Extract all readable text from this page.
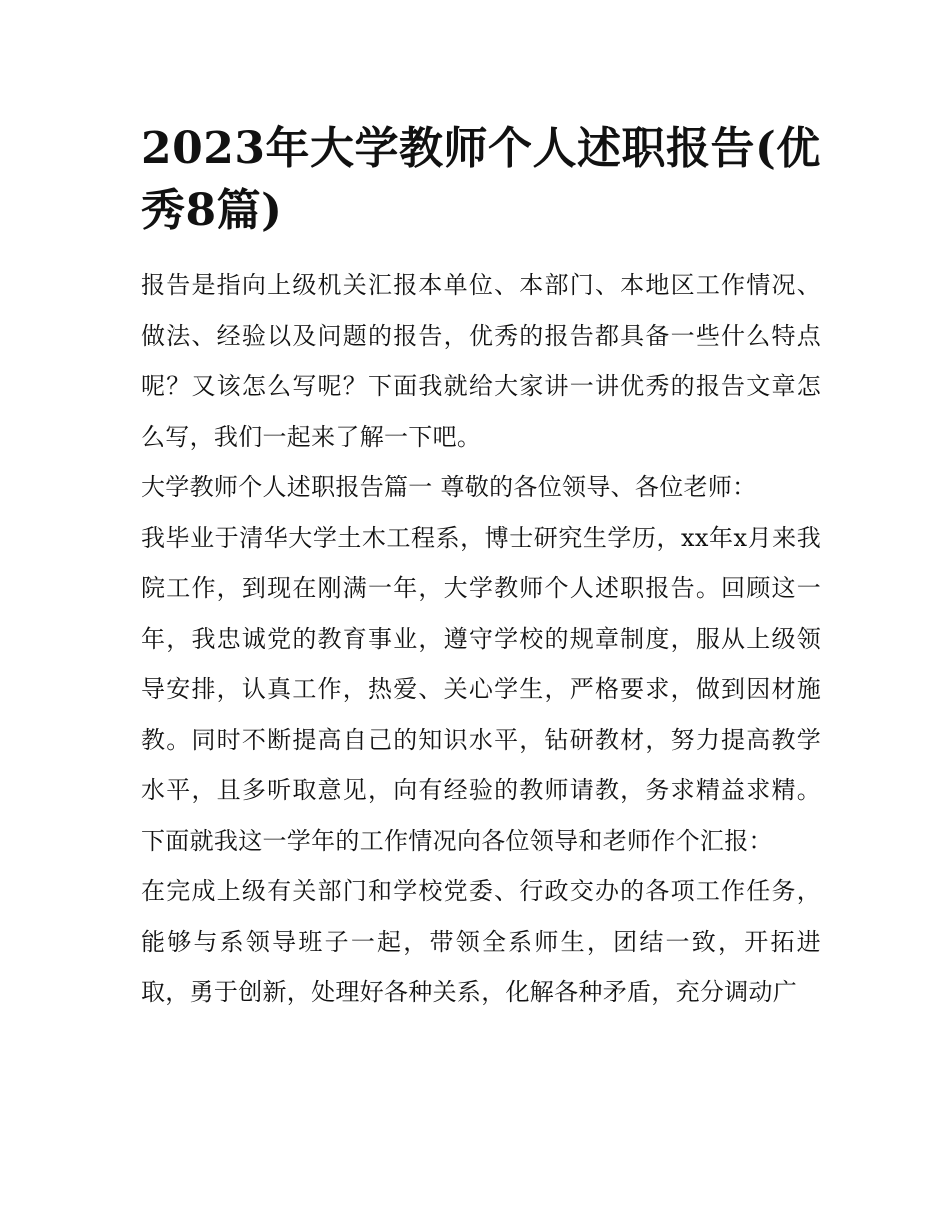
2023年大学教师个人述职报告(优秀8篇)

报告是指向上级机关汇报本单位、本部门、本地区工作情况、做法、经验以及问题的报告，优秀的报告都具备一些什么特点呢？又该怎么写呢？下面我就给大家讲一讲优秀的报告文章怎么写，我们一起来了解一下吧。

大学教师个人述职报告篇一 尊敬的各位领导、各位老师：

我毕业于清华大学土木工程系，博士研究生学历，xx年x月来我院工作，到现在刚满一年，大学教师个人述职报告。回顾这一年，我忠诚党的教育事业，遵守学校的规章制度，服从上级领导安排，认真工作，热爱、关心学生，严格要求，做到因材施教。同时不断提高自己的知识水平，钻研教材，努力提高教学水平，且多听取意见，向有经验的教师请教，务求精益求精。下面就我这一学年的工作情况向各位领导和老师作个汇报：

在完成上级有关部门和学校党委、行政交办的各项工作任务，能够与系领导班子一起，带领全系师生，团结一致，开拓进取，勇于创新，处理好各种关系，化解各种矛盾，充分调动广
